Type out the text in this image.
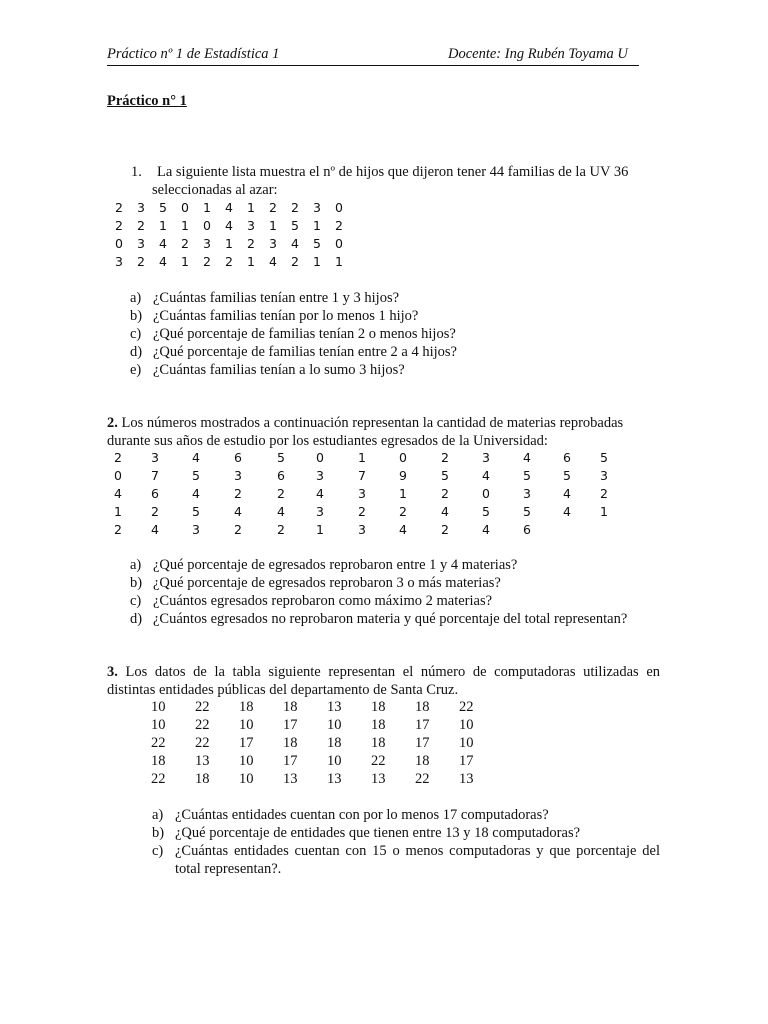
Práctico nº 1 de Estadística 1	Docente: Ing Rubén Toyama U
Práctico n° 1
1. La siguiente lista muestra el nº de hijos que dijeron tener 44 familias de la UV 36
seleccionadas al azar:
2 3 5 0 1 4 1 2 2 3 0
2 2 1 1 0 4 3 1 5 1 2
0 3 4 2 3 1 2 3 4 5 0
3 2 4 1 2 2 1 4 2 1 1
a) ¿Cuántas familias tenían entre 1 y 3 hijos?
b) ¿Cuántas familias tenían por lo menos 1 hijo?
c) ¿Qué porcentaje de familias tenían 2 o menos hijos?
d) ¿Qué porcentaje de familias tenían entre 2 a 4 hijos?
e) ¿Cuántas familias tenían a lo sumo 3 hijos?
2. Los números mostrados a continuación representan la cantidad de materias reprobadas
durante sus años de estudio por los estudiantes egresados de la Universidad:
2 3	4	6	5 0	1	0	2	3	4	6 5
0 7	5	3	6 3	7	9	5	4	5	5 3
4 6	4	2	2 4	3	1	2	0	3	4 2
1 2	5	4	4 3	2	2	4	5	5	4 1
2 4	3	2	2 1	3	4	2	4	6
a) ¿Qué porcentaje de egresados reprobaron entre 1 y 4 materias?
b) ¿Qué porcentaje de egresados reprobaron 3 o más materias?
c) ¿Cuántos egresados reprobaron como máximo 2 materias?
d) ¿Cuántos egresados no reprobaron materia y qué porcentaje del total representan?
3. Los datos de la tabla siguiente representan el número de computadoras utilizadas en
distintas entidades públicas del departamento de Santa Cruz.
10 22 18 18 13 18 18 22
10 22 10 17 10 18 17 10
22 22 17 18 18 18 17 10
18 13 10 17 10 22 18 17
22 18 10 13 13 13 22 13
a) ¿Cuántas entidades cuentan con por lo menos 17 computadoras?
b) ¿Qué porcentaje de entidades que tienen entre 13 y 18 computadoras?
c) ¿Cuántas entidades cuentan con 15 o menos computadoras y que porcentaje del
total representan?.
